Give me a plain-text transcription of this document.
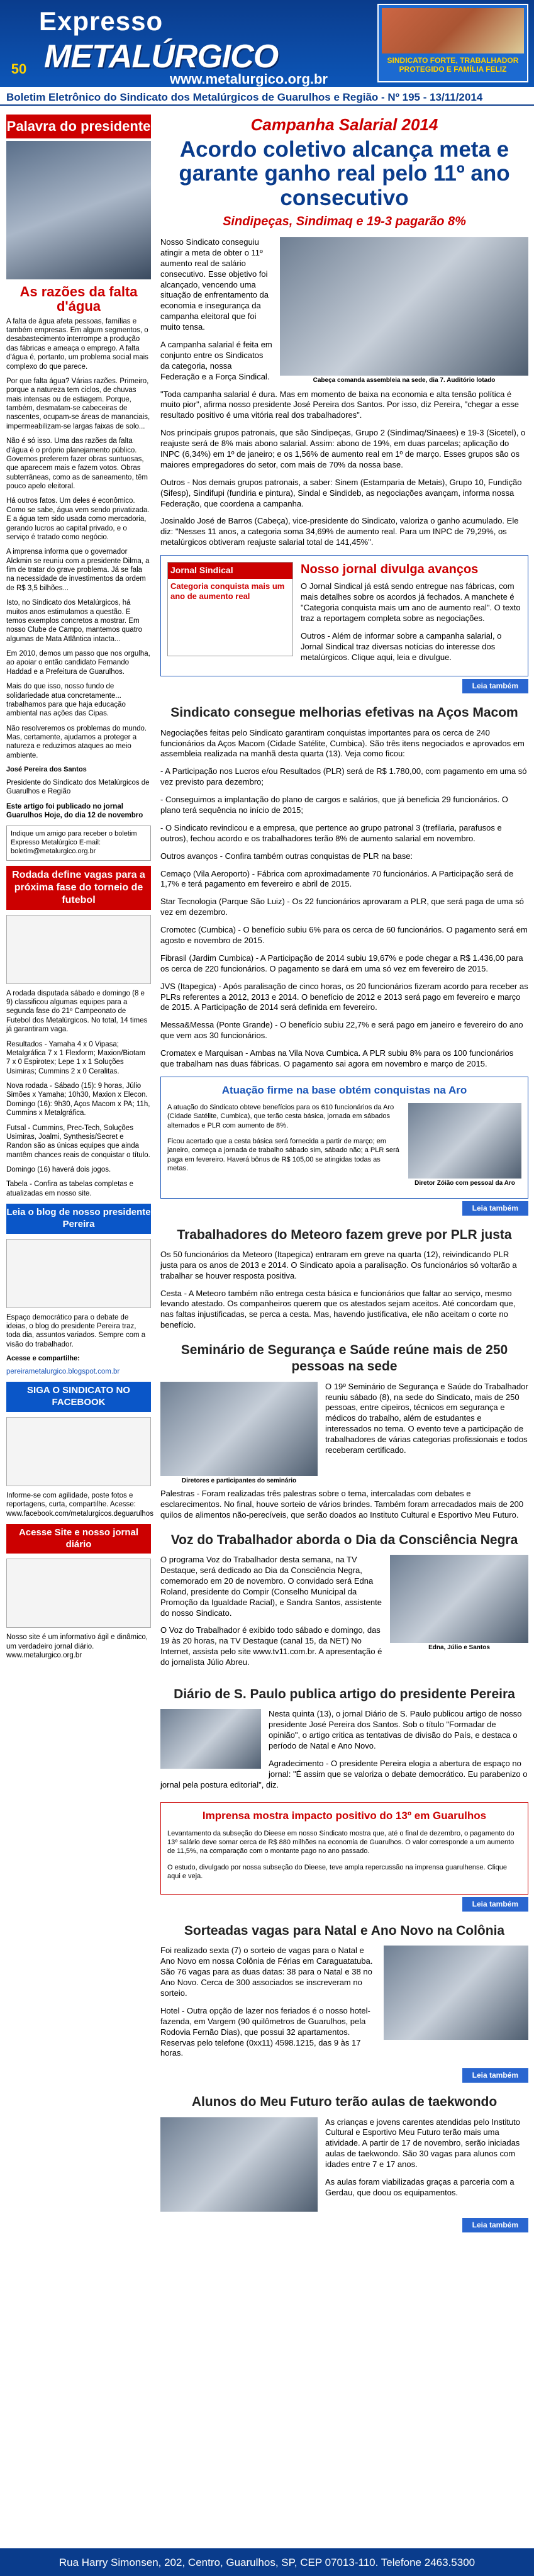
50
Expresso
METALÚRGICO
www.metalurgico.org.br
SINDICATO FORTE, TRABALHADOR PROTEGIDO E FAMÍLIA FELIZ
Boletim Eletrônico do Sindicato dos Metalúrgicos de Guarulhos e Região - Nº 195 - 13/11/2014
Palavra do presidente
As razões da falta d'água
A falta de água afeta pessoas, famílias e também empresas. Em algum segmentos, o desabastecimento interrompe a produção das fábricas e ameaça o emprego. A falta d'água é, portanto, um problema social mais complexo do que parece.
Por que falta água? Várias razões. Primeiro, porque a natureza tem ciclos, de chuvas mais intensas ou de estiagem. Porque, também, desmatam-se cabeceiras de nascentes, ocupam-se áreas de mananciais, impermeabilizam-se largas faixas de solo...
Não é só isso. Uma das razões da falta d'água é o próprio planejamento público. Governos preferem fazer obras suntuosas, que aparecem mais e fazem votos. Obras subterrâneas, como as de saneamento, têm pouco apelo eleitoral.
Há outros fatos. Um deles é econômico. Como se sabe, água vem sendo privatizada. E a água tem sido usada como mercadoria, gerando lucros ao capital privado, e o serviço é tratado como negócio.
A imprensa informa que o governador Alckmin se reuniu com a presidente Dilma, a fim de tratar do grave problema. Já se fala na necessidade de investimentos da ordem de R$ 3,5 bilhões...
Isto, no Sindicato dos Metalúrgicos, há muitos anos estimulamos a questão. E temos exemplos concretos a mostrar. Em nosso Clube de Campo, mantemos quatro algumas de Mata Atlântica intacta...
Em 2010, demos um passo que nos orgulha, ao apoiar o então candidato Fernando Haddad e a Prefeitura de Guarulhos.
Mais do que isso, nosso fundo de solidariedade atua concretamente... trabalhamos para que haja educação ambiental nas ações das Cipas.
Não resolveremos os problemas do mundo. Mas, certamente, ajudamos a proteger a natureza e reduzimos ataques ao meio ambiente.
José Pereira dos Santos
Presidente do Sindicato dos Metalúrgicos de Guarulhos e Região
Este artigo foi publicado no jornal Guarulhos Hoje, do dia 12 de novembro
Indique um amigo para receber o boletim Expresso Metalúrgico E-mail: boletim@metalurgico.org.br
Rodada define vagas para a próxima fase do torneio de futebol
A rodada disputada sábado e domingo (8 e 9) classificou algumas equipes para a segunda fase do 21º Campeonato de Futebol dos Metalúrgicos. No total, 14 times já garantiram vaga.
Resultados - Yamaha 4 x 0 Vipasa; Metalgráfica 7 x 1 Flexform; Maxion/Biotam 7 x 0 Espirotex; Lepe 1 x 1 Soluções Usimiras; Cummins 2 x 0 Ceralitas.
Nova rodada - Sábado (15): 9 horas, Júlio Simões x Yamaha; 10h30, Maxion x Elecon. Domingo (16): 9h30, Aços Macom x PA; 11h, Cummins x Metalgráfica.
Futsal - Cummins, Prec-Tech, Soluções Usimiras, Joalmi, Synthesis/Secret e Randon são as únicas equipes que ainda mantêm chances reais de conquistar o título.
Domingo (16) haverá dois jogos.
Tabela - Confira as tabelas completas e atualizadas em nosso site.
Leia o blog de nosso presidente Pereira
Espaço democrático para o debate de ideias, o blog do presidente Pereira traz, toda dia, assuntos variados. Sempre com a visão do trabalhador.
Acesse e compartilhe:
pereirametalurgico.blogspot.com.br
SIGA O SINDICATO NO FACEBOOK
Informe-se com agilidade, poste fotos e reportagens, curta, compartilhe. Acesse: www.facebook.com/metalurgicos.deguarulhos
Acesse Site e nosso jornal diário
Nosso site é um informativo ágil e dinâmico, um verdadeiro jornal diário. www.metalurgico.org.br
Campanha Salarial 2014
Acordo coletivo alcança meta e garante ganho real pelo 11º ano consecutivo
Sindipeças, Sindimaq e 19-3 pagarão 8%
Cabeça comanda assembleia na sede, dia 7. Auditório lotado
Nosso Sindicato conseguiu atingir a meta de obter o 11º aumento real de salário consecutivo. Esse objetivo foi alcançado, vencendo uma situação de enfrentamento da economia e insegurança da campanha eleitoral que foi muito tensa.
A campanha salarial é feita em conjunto entre os Sindicatos da categoria, nossa Federação e a Força Sindical.
"Toda campanha salarial é dura. Mas em momento de baixa na economia e alta tensão política é muito pior", afirma nosso presidente José Pereira dos Santos. Por isso, diz Pereira, "chegar a esse resultado positivo é uma vitória real dos trabalhadores".
Nos principais grupos patronais, que são Sindipeças, Grupo 2 (Sindimaq/Sinaees) e 19-3 (Sicetel), o reajuste será de 8% mais abono salarial. Assim: abono de 19%, em duas parcelas; aplicação do INPC (6,34%) em 1º de janeiro; e os 1,56% de aumento real em 1º de março. Esses grupos são os maiores empregadores do setor, com mais de 70% da nossa base.
Outros - Nos demais grupos patronais, a saber: Sinem (Estamparia de Metais), Grupo 10, Fundição (Sifesp), Sindifupi (fundiria e pintura), Sindal e Sindideb, as negociações avançam, informa nossa Federação, que coordena a campanha.
Josinaldo José de Barros (Cabeça), vice-presidente do Sindicato, valoriza o ganho acumulado. Ele diz: "Nesses 11 anos, a categoria soma 34,69% de aumento real. Para um INPC de 79,29%, os metalúrgicos obtiveram reajuste salarial total de 141,45%".
Jornal Sindical
Categoria conquista mais um ano de aumento real
Nosso jornal divulga avanços
O Jornal Sindical já está sendo entregue nas fábricas, com mais detalhes sobre os acordos já fechados. A manchete é "Categoria conquista mais um ano de aumento real". O texto traz a reportagem completa sobre as negociações.
Outros - Além de informar sobre a campanha salarial, o Jornal Sindical traz diversas notícias do interesse dos metalúrgicos. Clique aqui, leia e divulgue.
Leia também
Sindicato consegue melhorias efetivas na Aços Macom
Negociações feitas pelo Sindicato garantiram conquistas importantes para os cerca de 240 funcionários da Aços Macom (Cidade Satélite, Cumbica). São três itens negociados e aprovados em assembleia realizada na manhã desta quarta (13). Veja como ficou:
- A Participação nos Lucros e/ou Resultados (PLR) será de R$ 1.780,00, com pagamento em uma só vez previsto para dezembro;
- Conseguimos a implantação do plano de cargos e salários, que já beneficia 29 funcionários. O plano terá sequência no início de 2015;
- O Sindicato revindicou e a empresa, que pertence ao grupo patronal 3 (trefilaria, parafusos e outros), fechou acordo e os trabalhadores terão 8% de aumento salarial em novembro.
Outros avanços - Confira também outras conquistas de PLR na base:
Cemaço (Vila Aeroporto) - Fábrica com aproximadamente 70 funcionários. A Participação será de 1,7% e terá pagamento em fevereiro e abril de 2015.
Star Tecnologia (Parque São Luiz) - Os 22 funcionários aprovaram a PLR, que será paga de uma só vez em dezembro.
Cromotec (Cumbica) - O benefício subiu 6% para os cerca de 60 funcionários. O pagamento será em agosto e novembro de 2015.
Fibrasil (Jardim Cumbica) - A Participação de 2014 subiu 19,67% e pode chegar a R$ 1.436,00 para os cerca de 220 funcionários. O pagamento se dará em uma só vez em fevereiro de 2015.
JVS (Itapegica) - Após paralisação de cinco horas, os 20 funcionários fizeram acordo para receber as PLRs referentes a 2012, 2013 e 2014. O benefício de 2012 e 2013 será pago em fevereiro e março de 2015. A Participação de 2014 será definida em fevereiro.
Messa&Messa (Ponte Grande) - O benefício subiu 22,7% e será pago em janeiro e fevereiro do ano que vem aos 30 funcionários.
Cromatex e Marquisan - Ambas na Vila Nova Cumbica. A PLR subiu 8% para os 100 funcionários que trabalham nas duas fábricas. O pagamento sai agora em novembro e março de 2015.
Atuação firme na base obtém conquistas na Aro
Diretor Zóião com pessoal da Aro
A atuação do Sindicato obteve benefícios para os 610 funcionários da Aro (Cidade Satélite, Cumbica), que terão cesta básica, jornada em sábados alternados e PLR com aumento de 8%.
Ficou acertado que a cesta básica será fornecida a partir de março; em janeiro, começa a jornada de trabalho sábado sim, sábado não; a PLR será paga em fevereiro. Haverá bônus de R$ 105,00 se atingidas todas as metas.
Leia também
Trabalhadores do Meteoro fazem greve por PLR justa
Os 50 funcionários da Meteoro (Itapegica) entraram em greve na quarta (12), reivindicando PLR justa para os anos de 2013 e 2014. O Sindicato apoia a paralisação. Os funcionários só voltarão a trabalhar se houver resposta positiva.
Cesta - A Meteoro também não entrega cesta básica e funcionários que faltar ao serviço, mesmo levando atestado. Os companheiros querem que os atestados sejam aceitos. Até concordam que, nas faltas injustificadas, se perca a cesta. Mas, havendo justificativa, ele não aceitam o corte no benefício.
Seminário de Segurança e Saúde reúne mais de 250 pessoas na sede
Diretores e participantes do seminário
O 19º Seminário de Segurança e Saúde do Trabalhador reuniu sábado (8), na sede do Sindicato, mais de 250 pessoas, entre cipeiros, técnicos em segurança e médicos do trabalho, além de estudantes e interessados no tema. O evento teve a participação de trabalhadores de várias categorias profissionais e todos receberam certificado.
Palestras - Foram realizadas três palestras sobre o tema, intercaladas com debates e esclarecimentos. No final, houve sorteio de vários brindes. Também foram arrecadados mais de 200 quilos de alimentos não-perecíveis, que serão doados ao Instituto Cultural e Esportivo Meu Futuro.
Voz do Trabalhador aborda o Dia da Consciência Negra
Edna, Júlio e Santos
O programa Voz do Trabalhador desta semana, na TV Destaque, será dedicado ao Dia da Consciência Negra, comemorado em 20 de novembro. O convidado será Edna Roland, presidente do Compir (Conselho Municipal da Promoção da Igualdade Racial), e Sandra Santos, assistente do nosso Sindicato.
O Voz do Trabalhador é exibido todo sábado e domingo, das 19 às 20 horas, na TV Destaque (canal 15, da NET) No Internet, assista pelo site www.tv11.com.br. A apresentação é do jornalista Júlio Abreu.
Diário de S. Paulo publica artigo do presidente Pereira
Nesta quinta (13), o jornal Diário de S. Paulo publicou artigo de nosso presidente José Pereira dos Santos. Sob o título "Formadar de opinião", o artigo critica as tentativas de divisão do País, e destaca o período de Natal e Ano Novo.
Agradecimento - O presidente Pereira elogia a abertura de espaço no jornal: "É assim que se valoriza o debate democrático. Eu parabenizo o jornal pela postura editorial", diz.
Imprensa mostra impacto positivo do 13º em Guarulhos
Levantamento da subseção do Dieese em nosso Sindicato mostra que, até o final de dezembro, o pagamento do 13º salário deve somar cerca de R$ 880 milhões na economia de Guarulhos. O valor corresponde a um aumento de 11,5%, na comparação com o montante pago no ano passado.
O estudo, divulgado por nossa subseção do Dieese, teve ampla repercussão na imprensa guarulhense. Clique aqui e veja.
Leia também
Sorteadas vagas para Natal e Ano Novo na Colônia
Foi realizado sexta (7) o sorteio de vagas para o Natal e Ano Novo em nossa Colônia de Férias em Caraguatatuba. São 76 vagas para as duas datas: 38 para o Natal e 38 no Ano Novo. Cerca de 300 associados se inscreveram no sorteio.
Hotel - Outra opção de lazer nos feriados é o nosso hotel-fazenda, em Vargem (90 quilômetros de Guarulhos, pela Rodovia Fernão Dias), que possui 32 apartamentos. Reservas pelo telefone (0xx11) 4598.1215, das 9 às 17 horas.
Leia também
Alunos do Meu Futuro terão aulas de taekwondo
As crianças e jovens carentes atendidas pelo Instituto Cultural e Esportivo Meu Futuro terão mais uma atividade. A partir de 17 de novembro, serão iniciadas aulas de taekwondo. São 30 vagas para alunos com idades entre 7 e 17 anos.
As aulas foram viabilizadas graças a parceria com a Gerdau, que doou os equipamentos.
Leia também
Rua Harry Simonsen, 202, Centro, Guarulhos, SP, CEP 07013-110. Telefone 2463.5300
